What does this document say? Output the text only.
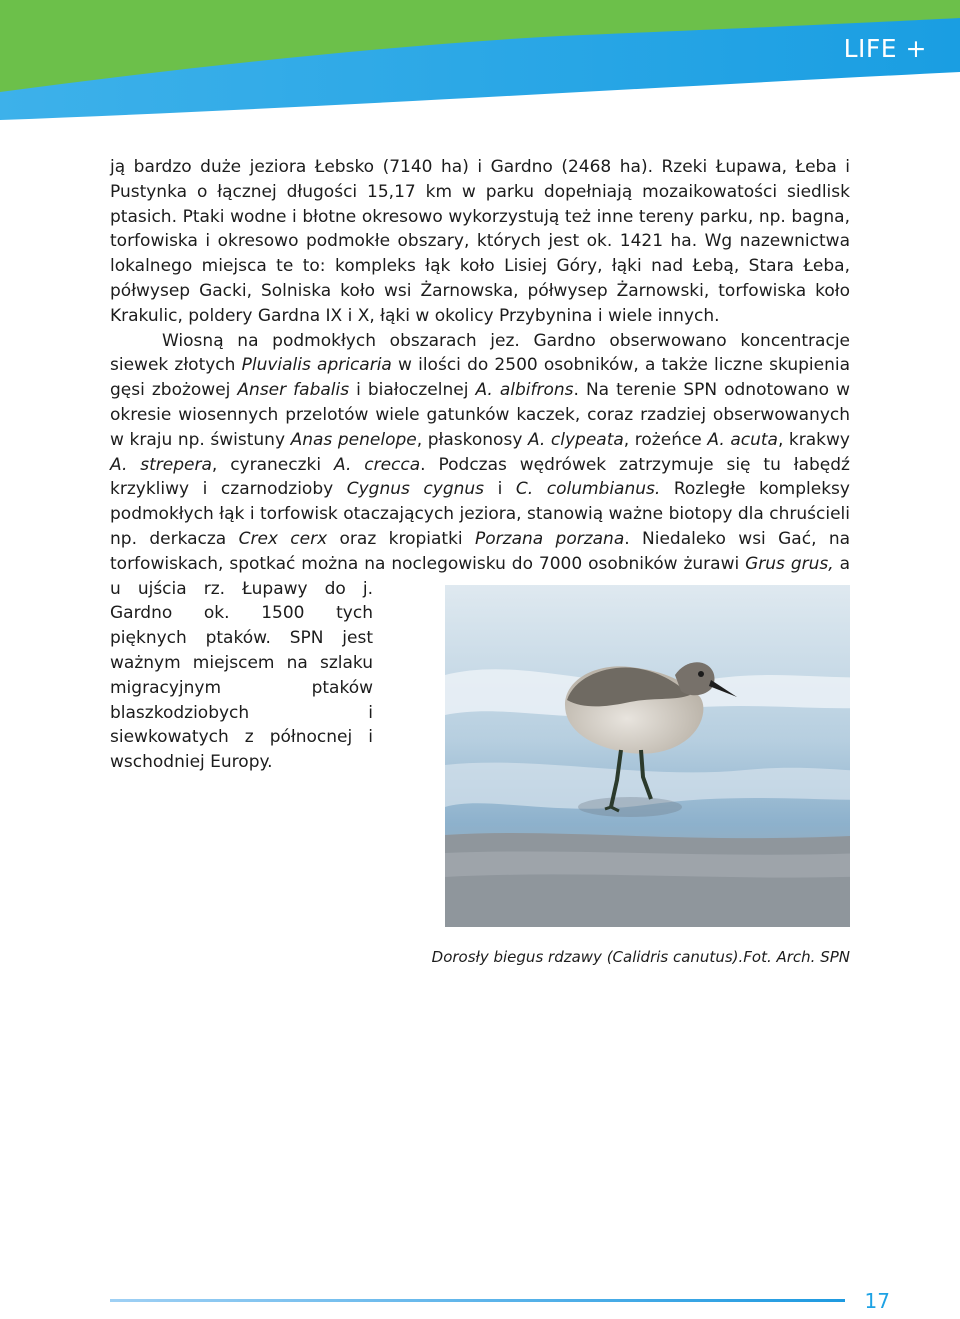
LIFE +

ją bardzo duże jeziora Łebsko (7140 ha) i Gardno (2468 ha). Rzeki Łupawa, Łeba i Pustynka o łącznej długości 15,17 km w parku dopełniają mozaikowatości siedlisk ptasich. Ptaki wodne i błotne okresowo wykorzystują też inne tereny parku, np. bagna, torfowiska i okresowo podmokłe obszary, których jest ok. 1421 ha. Wg nazewnictwa lokalnego miejsca te to: kompleks łąk koło Lisiej Góry, łąki nad Łebą, Stara Łeba, półwysep Gacki, Solniska koło wsi Żarnowska, półwysep Żarnowski, torfowiska koło Krakulic, poldery Gardna IX i X, łąki w okolicy Przybynina i wiele innych.

Wiosną na podmokłych obszarach jez. Gardno obserwowano koncentracje siewek złotych Pluvialis apricaria w ilości do 2500 osobników, a także liczne skupienia gęsi zbożowej Anser fabalis i białoczelnej A. albifrons. Na terenie SPN odnotowano w okresie wiosennych przelotów wiele gatunków kaczek, coraz rzadziej obserwowanych w kraju np. świstuny Anas penelope, płaskonosy A. clypeata, rożeńce A. acuta, krakwy A. strepera, cyraneczki A. crecca. Podczas wędrówek zatrzymuje się tu łabędź krzykliwy i czarnodzioby Cygnus cygnus i C. columbianus. Rozległe kompleksy podmokłych łąk i torfowisk otaczających jeziora, stanowią ważne biotopy dla chruścieli np. derkacza Crex cerx oraz kropiatki Porzana porzana. Niedaleko wsi Gać, na torfowiskach, spotkać można na noclegowisku do 7000 osobników żurawi Grus grus,
a u ujścia rz. Łupawy do j. Gardno ok. 1500 tych pięknych ptaków. SPN jest ważnym miejscem na szlaku migracyjnym ptaków blaszkodziobych i siewkowatych z północnej i wschodniej Europy.

Dorosły biegus rdzawy (Calidris canutus).Fot. Arch. SPN
17
